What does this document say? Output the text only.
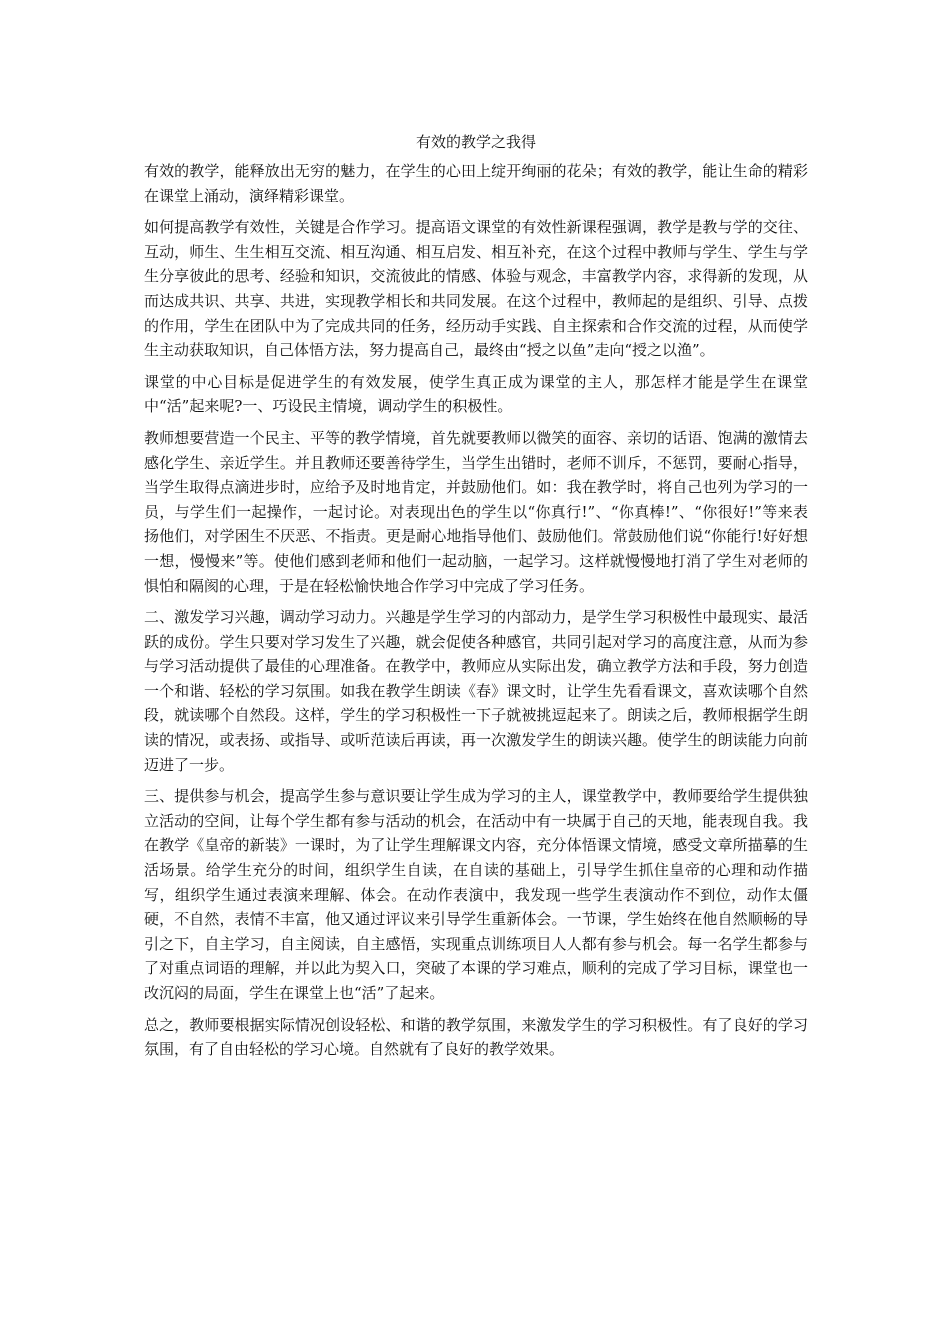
有效的教学之我得

有效的教学，能释放出无穷的魅力，在学生的心田上绽开绚丽的花朵；有效的教学，能让生命的精彩在课堂上涌动，演绎精彩课堂。

如何提高教学有效性，关键是合作学习。提高语文课堂的有效性新课程强调，教学是教与学的交往、互动，师生、生生相互交流、相互沟通、相互启发、相互补充，在这个过程中教师与学生、学生与学生分享彼此的思考、经验和知识，交流彼此的情感、体验与观念，丰富教学内容，求得新的发现，从而达成共识、共享、共进，实现教学相长和共同发展。在这个过程中，教师起的是组织、引导、点拨的作用，学生在团队中为了完成共同的任务，经历动手实践、自主探索和合作交流的过程，从而使学生主动获取知识，自己体悟方法，努力提高自己，最终由“授之以鱼”走向“授之以渔”。

课堂的中心目标是促进学生的有效发展，使学生真正成为课堂的主人，那怎样才能是学生在课堂中“活”起来呢?一、巧设民主情境，调动学生的积极性。

教师想要营造一个民主、平等的教学情境，首先就要教师以微笑的面容、亲切的话语、饱满的激情去感化学生、亲近学生。并且教师还要善待学生，当学生出错时，老师不训斥，不惩罚，要耐心指导，当学生取得点滴进步时，应给予及时地肯定，并鼓励他们。如：我在教学时，将自己也列为学习的一员，与学生们一起操作，一起讨论。对表现出色的学生以“你真行!”、“你真棒!”、“你很好!”等来表扬他们，对学困生不厌恶、不指责。更是耐心地指导他们、鼓励他们。常鼓励他们说“你能行!好好想一想，慢慢来”等。使他们感到老师和他们一起动脑，一起学习。这样就慢慢地打消了学生对老师的惧怕和隔阂的心理，于是在轻松愉快地合作学习中完成了学习任务。

二、激发学习兴趣，调动学习动力。兴趣是学生学习的内部动力，是学生学习积极性中最现实、最活跃的成份。学生只要对学习发生了兴趣，就会促使各种感官，共同引起对学习的高度注意，从而为参与学习活动提供了最佳的心理准备。在教学中，教师应从实际出发，确立教学方法和手段，努力创造一个和谐、轻松的学习氛围。如我在教学生朗读《春》课文时，让学生先看看课文，喜欢读哪个自然段，就读哪个自然段。这样，学生的学习积极性一下子就被挑逗起来了。朗读之后，教师根据学生朗读的情况，或表扬、或指导、或听范读后再读，再一次激发学生的朗读兴趣。使学生的朗读能力向前迈进了一步。

三、提供参与机会，提高学生参与意识要让学生成为学习的主人，课堂教学中，教师要给学生提供独立活动的空间，让每个学生都有参与活动的机会，在活动中有一块属于自己的天地，能表现自我。我在教学《皇帝的新装》一课时，为了让学生理解课文内容，充分体悟课文情境，感受文章所描摹的生活场景。给学生充分的时间，组织学生自读，在自读的基础上，引导学生抓住皇帝的心理和动作描写，组织学生通过表演来理解、体会。在动作表演中，我发现一些学生表演动作不到位，动作太僵硬，不自然，表情不丰富，他又通过评议来引导学生重新体会。一节课，学生始终在他自然顺畅的导引之下，自主学习，自主阅读，自主感悟，实现重点训练项目人人都有参与机会。每一名学生都参与了对重点词语的理解，并以此为契入口，突破了本课的学习难点，顺利的完成了学习目标，课堂也一改沉闷的局面，学生在课堂上也“活”了起来。

总之，教师要根据实际情况创设轻松、和谐的教学氛围，来激发学生的学习积极性。有了良好的学习氛围，有了自由轻松的学习心境。自然就有了良好的教学效果。
